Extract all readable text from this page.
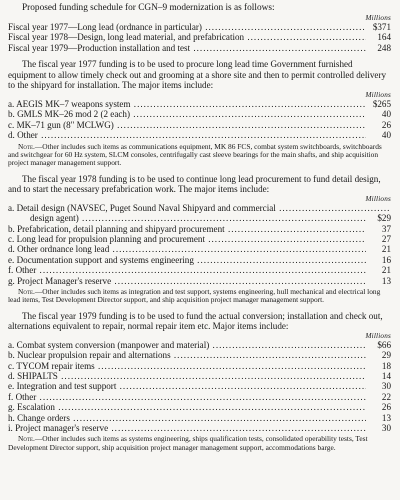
Proposed funding schedule for CGN–9 modernization is as follows:

Millions
Fiscal year 1977—Long lead (ordnance in particular) .....	$371
Fiscal year 1978—Design, long lead material, and prefabrication .....	164
Fiscal year 1979—Production installation and test .....	248

The fiscal year 1977 funding is to be used to procure long lead time Government furnished equipment to allow timely check out and grooming at a shore site and then to permit controlled delivery to the shipyard for installation. The major items include:

Millions
a. AEGIS MK–7 weapons system .....	$265
b. GMLS MK–26 mod 2 (2 each) .....	40
c. MK–71 gun (8" MCLWG) .....	26
d. Other .....	40

Note.—Other includes such items as communications equipment, MK 86 FCS, combat system switchboards, switchboards and switchgear for 60 Hz system, SLCM consoles, centrifugally cast sleeve bearings for the main shafts, and ship acquisition project manager management support.

The fiscal year 1978 funding is to be used to continue long lead procurement to fund detail design, and to start the necessary prefabrication work. The major items include:

Millions
a. Detail design (NAVSEC, Puget Sound Naval Shipyard and commercial .....
design agent) .....	$29
b. Prefabrication, detail planning and shipyard procurement .....	37
c. Long lead for propulsion planning and procurement .....	27
d. Other ordnance long lead .....	21
e. Documentation support and systems engineering .....	16
f. Other .....	21
g. Project Manager's reserve .....	13

Note.—Other includes such items as integration and test support, systems engineering, hull mechanical and electrical long lead items, Test Development Director support, and ship acquisition project manager management support.

The fiscal year 1979 funding is to be used to fund the actual conversion; installation and check out, alternations equivalent to repair, normal repair item etc. Major items include:

Millions
a. Combat system conversion (manpower and material) .....	$66
b. Nuclear propulsion repair and alternations .....	29
c. TYCOM repair items .....	18
d. SHIPALTS .....	14
e. Integration and test support .....	30
f. Other .....	22
g. Escalation .....	26
h. Change orders .....	13
i. Project manager's reserve .....	30

Note.—Other includes such items as systems engineering, ships qualification tests, consolidated operability tests, Test Development Director support, ship acquisition project manager management support, accommodations barge.
